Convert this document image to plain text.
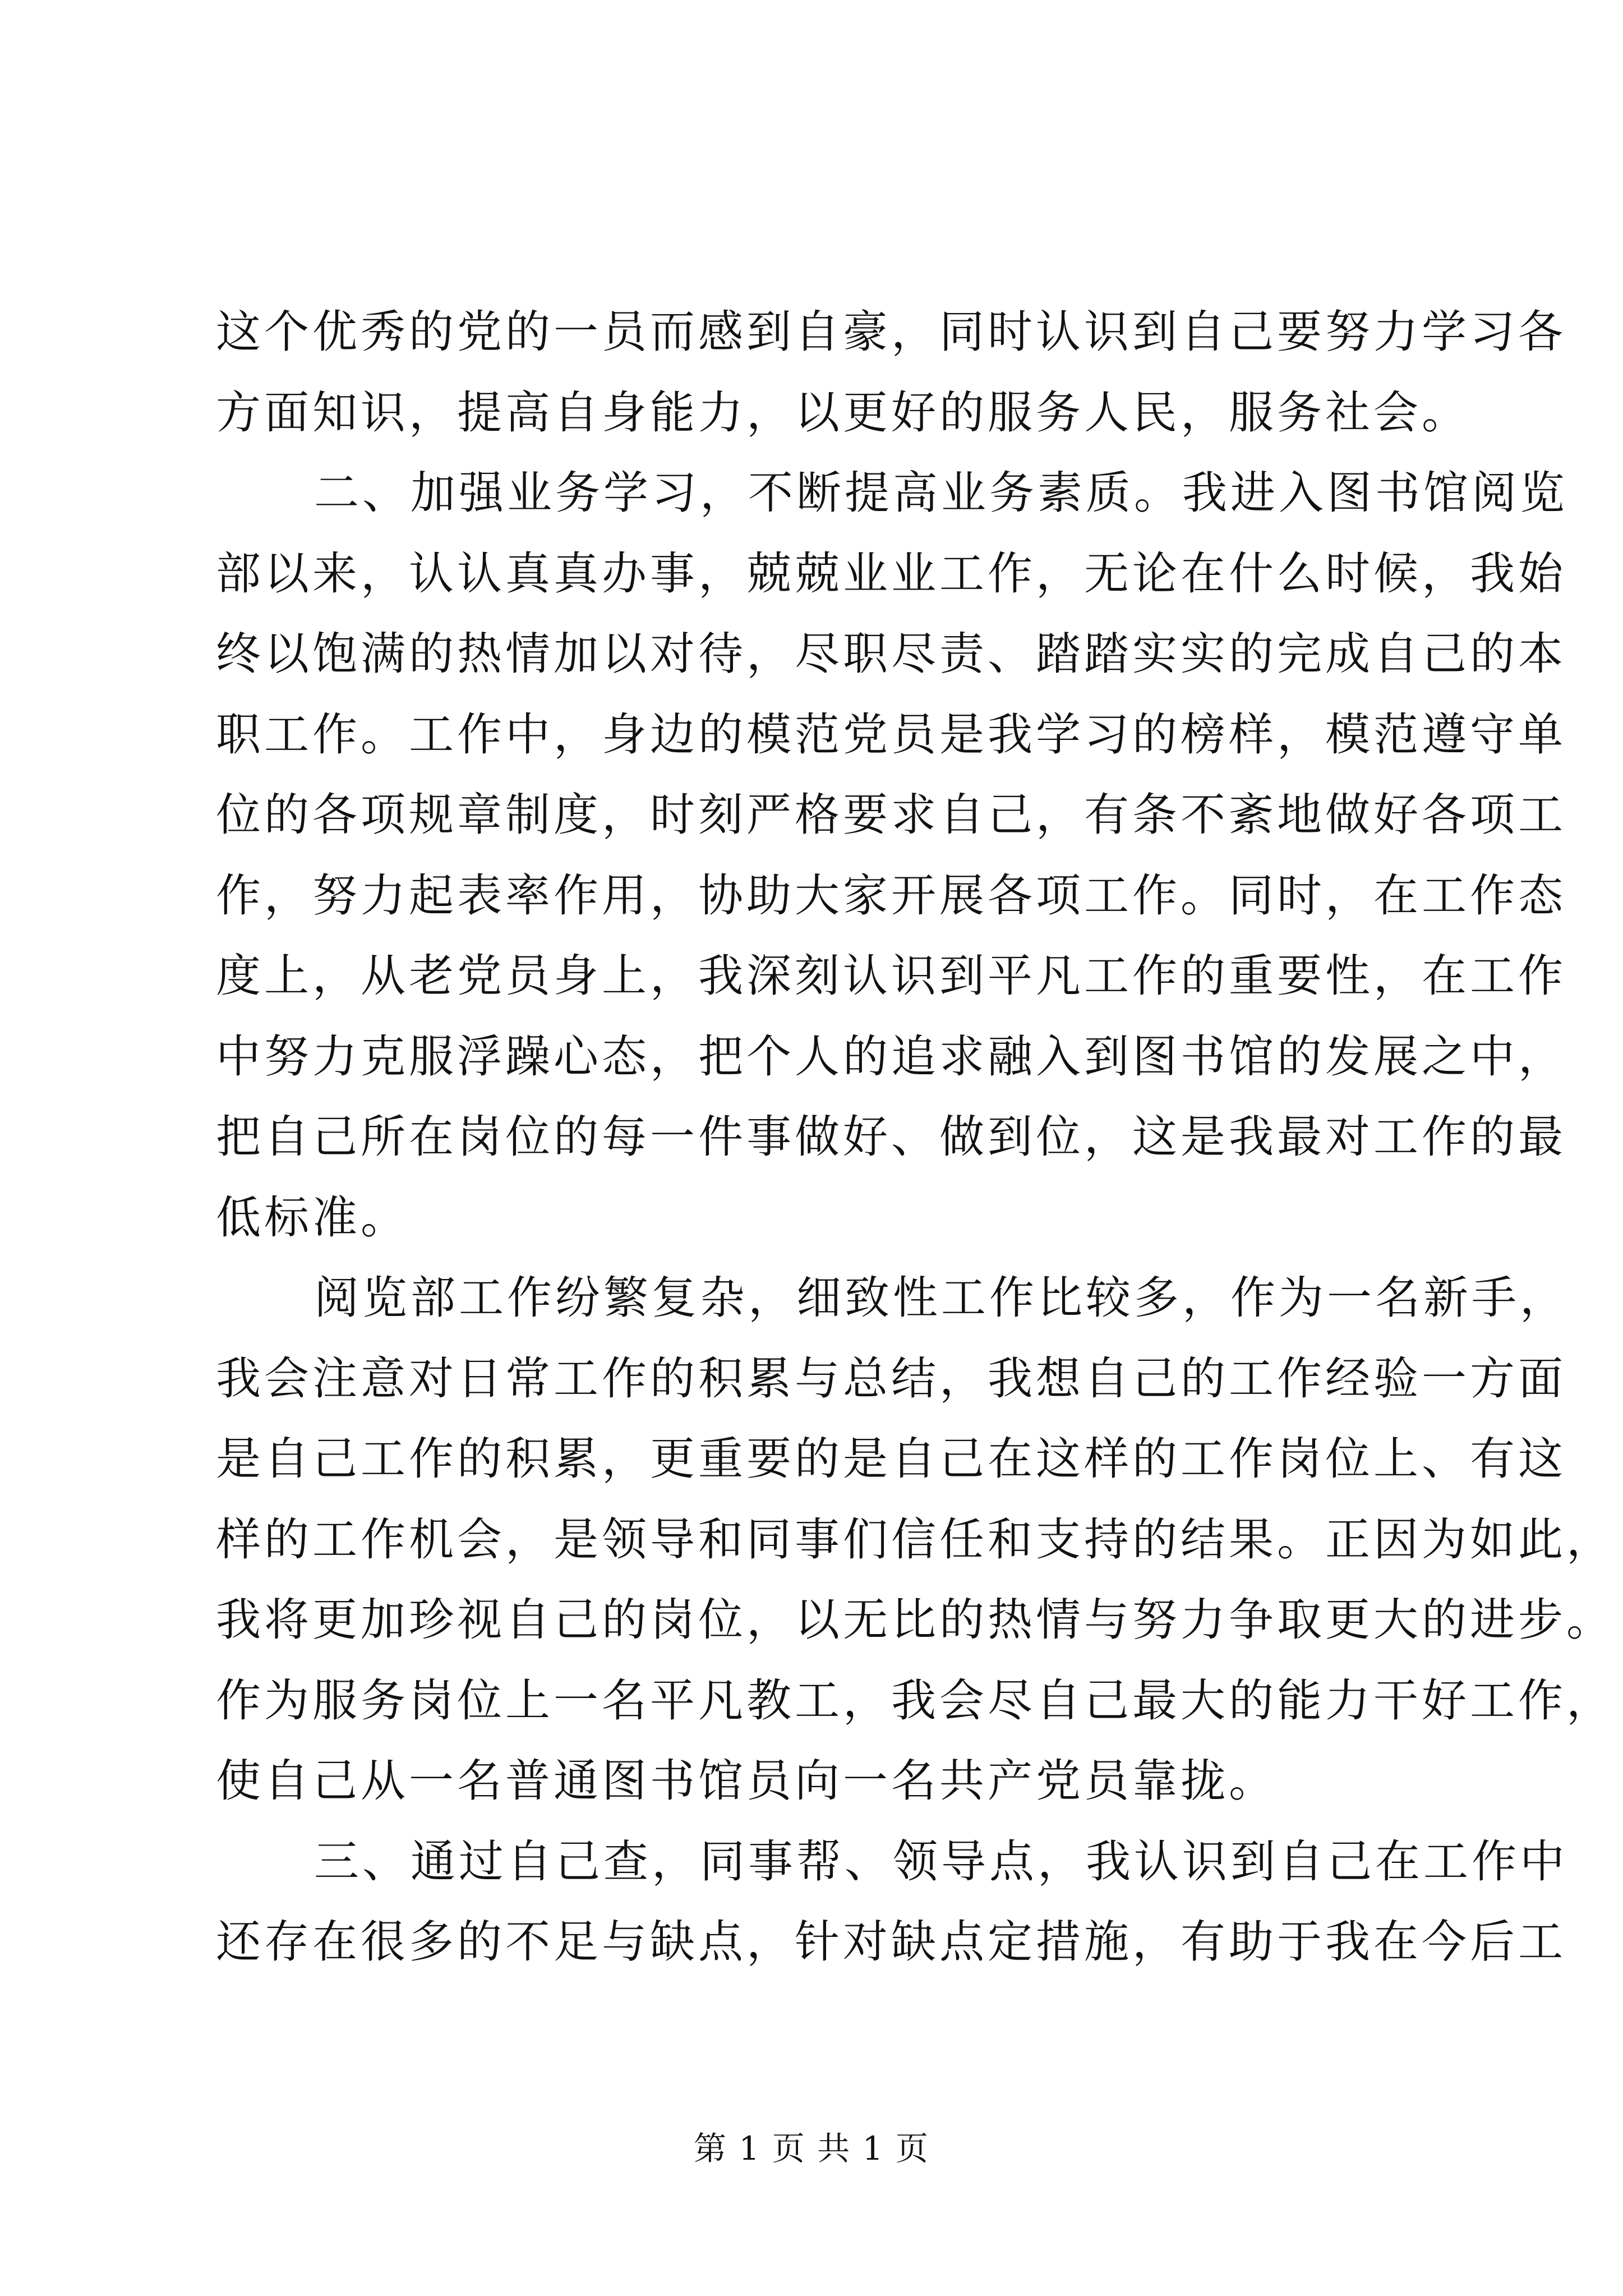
这个优秀的党的一员而感到自豪，同时认识到自己要努力学习各
方面知识，提高自身能力，以更好的服务人民，服务社会。
二、加强业务学习，不断提高业务素质。我进入图书馆阅览
部以来，认认真真办事，兢兢业业工作，无论在什么时候，我始
终以饱满的热情加以对待，尽职尽责、踏踏实实的完成自己的本
职工作。工作中，身边的模范党员是我学习的榜样，模范遵守单
位的各项规章制度，时刻严格要求自己，有条不紊地做好各项工
作，努力起表率作用，协助大家开展各项工作。同时，在工作态
度上，从老党员身上，我深刻认识到平凡工作的重要性，在工作
中努力克服浮躁心态，把个人的追求融入到图书馆的发展之中，
把自己所在岗位的每一件事做好、做到位，这是我最对工作的最
低标准。
阅览部工作纷繁复杂，细致性工作比较多，作为一名新手，
我会注意对日常工作的积累与总结，我想自己的工作经验一方面
是自己工作的积累，更重要的是自己在这样的工作岗位上、有这
样的工作机会，是领导和同事们信任和支持的结果。正因为如此，
我将更加珍视自己的岗位，以无比的热情与努力争取更大的进步。
作为服务岗位上一名平凡教工，我会尽自己最大的能力干好工作，
使自己从一名普通图书馆员向一名共产党员靠拢。
三、通过自己查，同事帮、领导点，我认识到自己在工作中
还存在很多的不足与缺点，针对缺点定措施，有助于我在今后工
第 1 页 共 1 页
